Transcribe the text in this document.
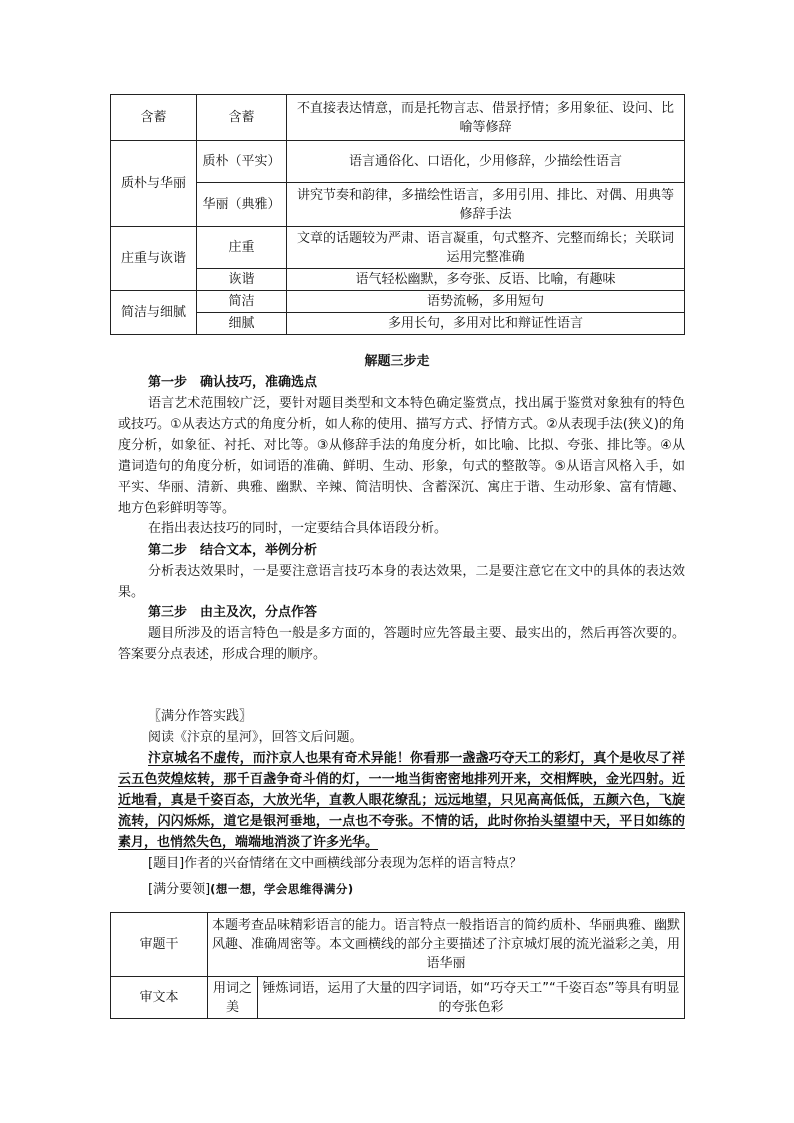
含蓄	含蓄	不直接表达情意，而是托物言志、借景抒情；多用象征、设问、比喻等修辞
质朴与华丽	质朴（平实）	语言通俗化、口语化，少用修辞，少描绘性语言
	华丽（典雅）	讲究节奏和韵律，多描绘性语言，多用引用、排比、对偶、用典等修辞手法
庄重与诙谐	庄重	文章的话题较为严肃、语言凝重，句式整齐、完整而绵长；关联词运用完整准确
	诙谐	语气轻松幽默，多夸张、反语、比喻，有趣味
简洁与细腻	简洁	语势流畅，多用短句
	细腻	多用长句，多用对比和辩证性语言
解题三步走
第一步　确认技巧，准确选点
语言艺术范围较广泛，要针对题目类型和文本特色确定鉴赏点，找出属于鉴赏对象独有的特色或技巧。①从表达方式的角度分析，如人称的使用、描写方式、抒情方式。②从表现手法(狭义)的角度分析，如象征、衬托、对比等。③从修辞手法的角度分析，如比喻、比拟、夸张、排比等。④从遣词造句的角度分析，如词语的准确、鲜明、生动、形象，句式的整散等。⑤从语言风格入手，如平实、华丽、清新、典雅、幽默、辛辣、简洁明快、含蓄深沉、寓庄于谐、生动形象、富有情趣、地方色彩鲜明等等。
在指出表达技巧的同时，一定要结合具体语段分析。
第二步　结合文本，举例分析
分析表达效果时，一是要注意语言技巧本身的表达效果，二是要注意它在文中的具体的表达效果。
第三步　由主及次，分点作答
题目所涉及的语言特色一般是多方面的，答题时应先答最主要、最实出的，然后再答次要的。答案要分点表述，形成合理的顺序。
〖满分作答实践〗
阅读《汴京的星河》，回答文后问题。
汴京城名不虚传，而汴京人也果有奇术异能！你看那一盏盏巧夺天工的彩灯，真个是收尽了祥云五色荧煌炫转，那千百盏争奇斗俏的灯，一一地当街密密地排列开来，交相辉映，金光四射。近近地看，真是千姿百态，大放光华，直教人眼花缭乱；远远地望，只见高高低低，五颜六色，飞旋流转，闪闪烁烁，道它是银河垂地，一点也不夸张。不情的话，此时你抬头望望中天，平日如练的素月，也悄然失色，端端地消淡了许多光华。
[题目]作者的兴奋情绪在文中画横线部分表现为怎样的语言特点？
[满分要领](想一想，学会思维得满分)
审题干	本题考查品味精彩语言的能力。语言特点一般指语言的简约质朴、华丽典雅、幽默风趣、准确周密等。本文画横线的部分主要描述了汴京城灯展的流光溢彩之美，用语华丽	
审文本	用词之美	锤炼词语，运用了大量的四字词语，如“巧夺天工”“千姿百态”等具有明显的夸张色彩
